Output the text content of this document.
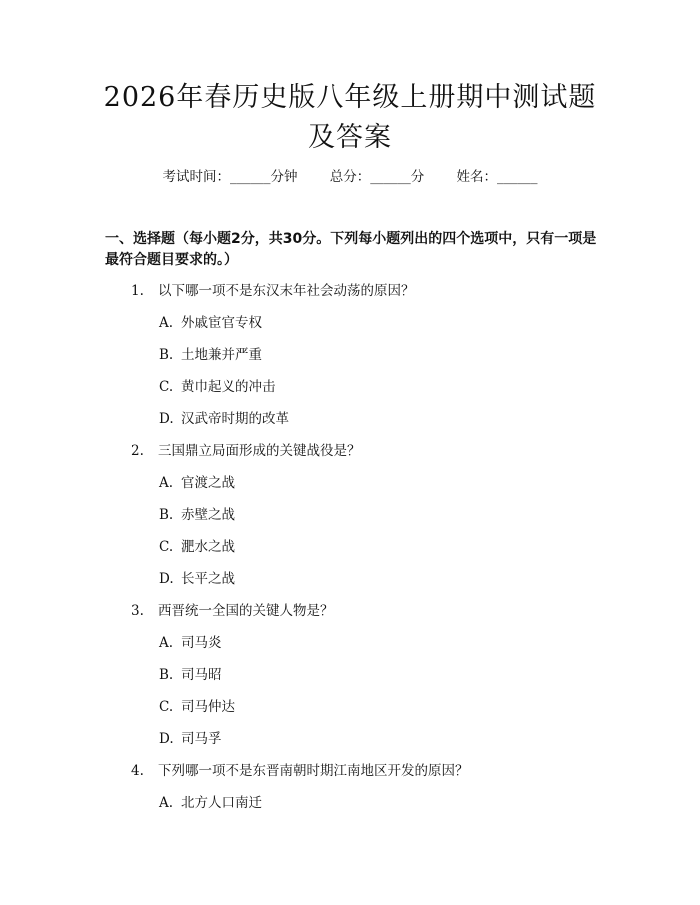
2026年春历史版八年级上册期中测试题及答案
考试时间：______分钟 总分：______分 姓名：______
一、选择题（每小题2分，共30分。下列每小题列出的四个选项中，只有一项是最符合题目要求的。）
1. 以下哪一项不是东汉末年社会动荡的原因？
A. 外戚宦官专权
B. 土地兼并严重
C. 黄巾起义的冲击
D. 汉武帝时期的改革
2. 三国鼎立局面形成的关键战役是？
A. 官渡之战
B. 赤壁之战
C. 淝水之战
D. 长平之战
3. 西晋统一全国的关键人物是？
A. 司马炎
B. 司马昭
C. 司马仲达
D. 司马孚
4. 下列哪一项不是东晋南朝时期江南地区开发的原因？
A. 北方人口南迁
